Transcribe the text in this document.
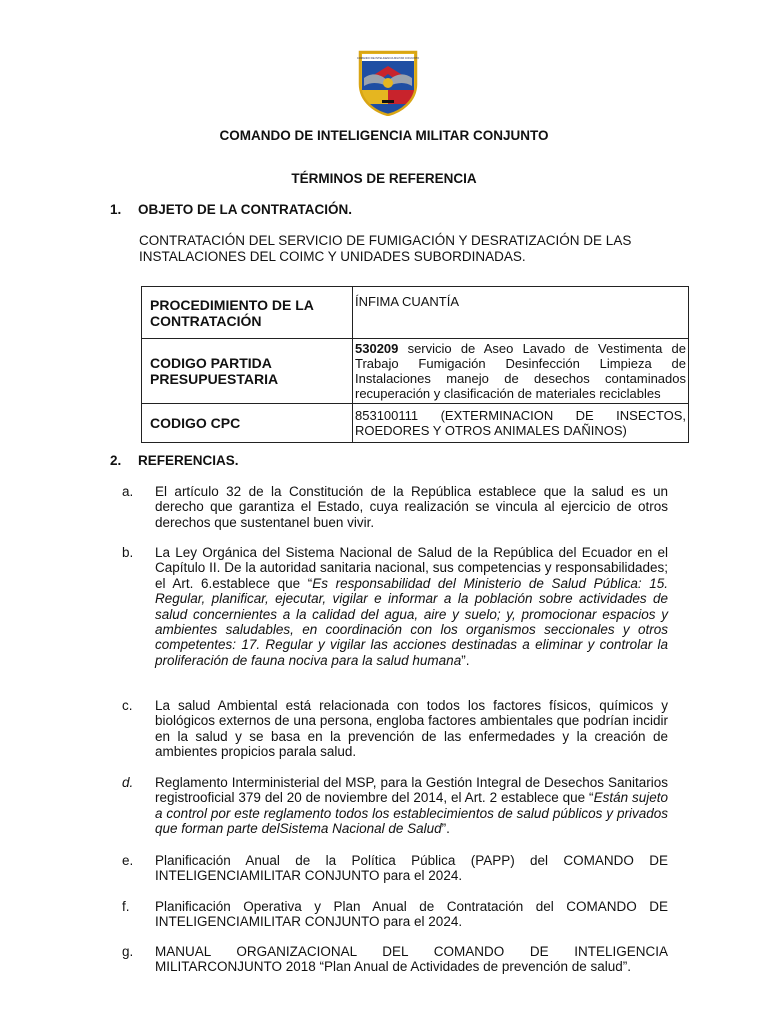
COMANDO DE INTELIGENCIA MILITAR CONJUNTO
COMANDO DE INTELIGENCIA MILITAR CONJUNTO
TÉRMINOS DE REFERENCIA
1. OBJETO DE LA CONTRATACIÓN.
CONTRATACIÓN DEL SERVICIO DE FUMIGACIÓN Y DESRATIZACIÓN DE LAS
INSTALACIONES DEL COIMC Y UNIDADES SUBORDINADAS.
PROCEDIMIENTO DE LA CONTRATACIÓN	ÍNFIMA CUANTÍA
CODIGO PARTIDA PRESUPUESTARIA	530209 servicio de Aseo Lavado de Vestimenta de Trabajo Fumigación Desinfección Limpieza de Instalaciones manejo de desechos contaminados recuperación y clasificación de materiales reciclables
CODIGO CPC	853100111 (EXTERMINACION DE INSECTOS, ROEDORES Y OTROS ANIMALES DAÑINOS)
2. REFERENCIAS.
a. El artículo 32 de la Constitución de la República establece que la salud es un derecho que garantiza el Estado, cuya realización se vincula al ejercicio de otros derechos que sustentanel buen vivir.
b. La Ley Orgánica del Sistema Nacional de Salud de la República del Ecuador en el Capítulo II. De la autoridad sanitaria nacional, sus competencias y responsabilidades; el Art. 6.establece que “Es responsabilidad del Ministerio de Salud Pública: 15. Regular, planificar, ejecutar, vigilar e informar a la población sobre actividades de salud concernientes a la calidad del agua, aire y suelo; y, promocionar espacios y ambientes saludables, en coordinación con los organismos seccionales y otros competentes: 17. Regular y vigilar las acciones destinadas a eliminar y controlar la proliferación de fauna nociva para la salud humana”.
c. La salud Ambiental está relacionada con todos los factores físicos, químicos y biológicos externos de una persona, engloba factores ambientales que podrían incidir en la salud y se basa en la prevención de las enfermedades y la creación de ambientes propicios parala salud.
d. Reglamento Interministerial del MSP, para la Gestión Integral de Desechos Sanitarios registrooficial 379 del 20 de noviembre del 2014, el Art. 2 establece que “Están sujeto a control por este reglamento todos los establecimientos de salud públicos y privados que forman parte delSistema Nacional de Salud”.
e. Planificación Anual de la Política Pública (PAPP) del COMANDO DE INTELIGENCIAMILITAR CONJUNTO para el 2024.
f. Planificación Operativa y Plan Anual de Contratación del COMANDO DE INTELIGENCIAMILITAR CONJUNTO para el 2024.
g. MANUAL ORGANIZACIONAL DEL COMANDO DE INTELIGENCIA MILITARCONJUNTO 2018 “Plan Anual de Actividades de prevención de salud”.
